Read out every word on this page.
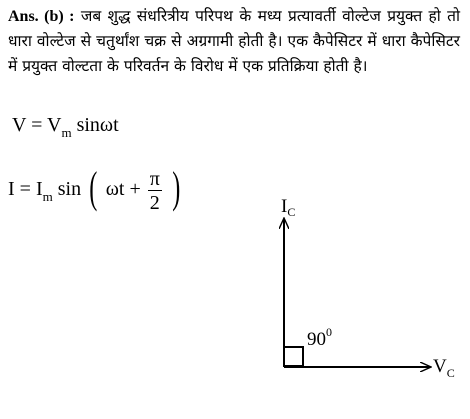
Ans. (b) : जब शुद्ध संधरित्रीय परिपथ के मध्य प्रत्यावर्ती वोल्टेज प्रयुक्त हो तो धारा वोल्टेज से चतुर्थांश चक्र से अग्रगामी होती है। एक कैपेसिटर में धारा कैपेसिटर में प्रयुक्त वोल्टता के परिवर्तन के विरोध में एक प्रतिक्रिया होती है।
$V = V_m$ sinωt
$I = I_m$ sin ( $\omega t + \frac{\pi}{2}$ )	$I_C$
$V_C$
$90^0$
